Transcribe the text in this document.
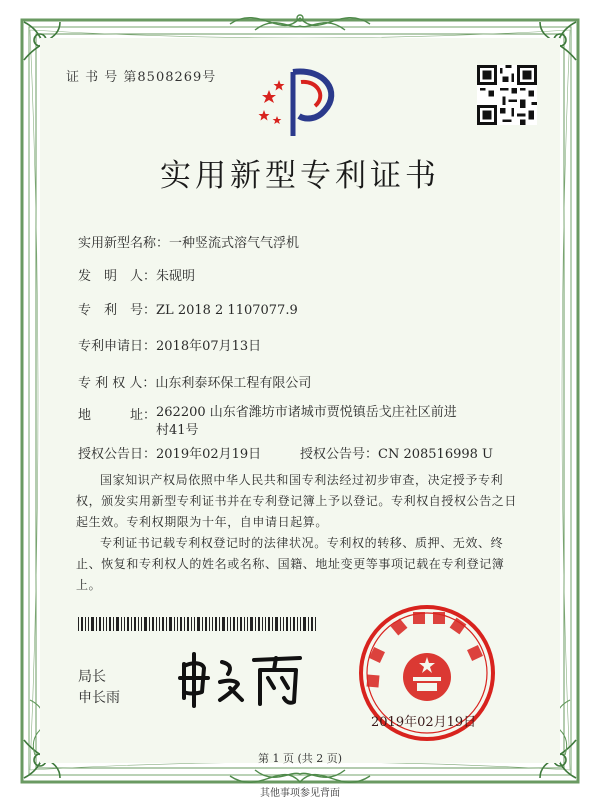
证 书 号 第8508269号
实用新型专利证书
实用新型名称：一种竖流式溶气气浮机
发　明　人：朱砚明
专　利　号：ZL 2018 2 1107077.9
专利申请日：2018年07月13日
专 利 权 人：山东利泰环保工程有限公司
地　　　址： 262200 山东省潍坊市诸城市贾悦镇岳戈庄社区前进村41号
授权公告日：2019年02月19日	授权公告号：CN 208516998 U
国家知识产权局依照中华人民共和国专利法经过初步审查，决定授予专利权，颁发实用新型专利证书并在专利登记簿上予以登记。专利权自授权公告之日起生效。专利权期限为十年，自申请日起算。
专利证书记载专利权登记时的法律状况。专利权的转移、质押、无效、终止、恢复和专利权人的姓名或名称、国籍、地址变更等事项记载在专利登记簿上。
局长
申长雨
2019年02月19日
第 1 页 (共 2 页)
其他事项参见背面
